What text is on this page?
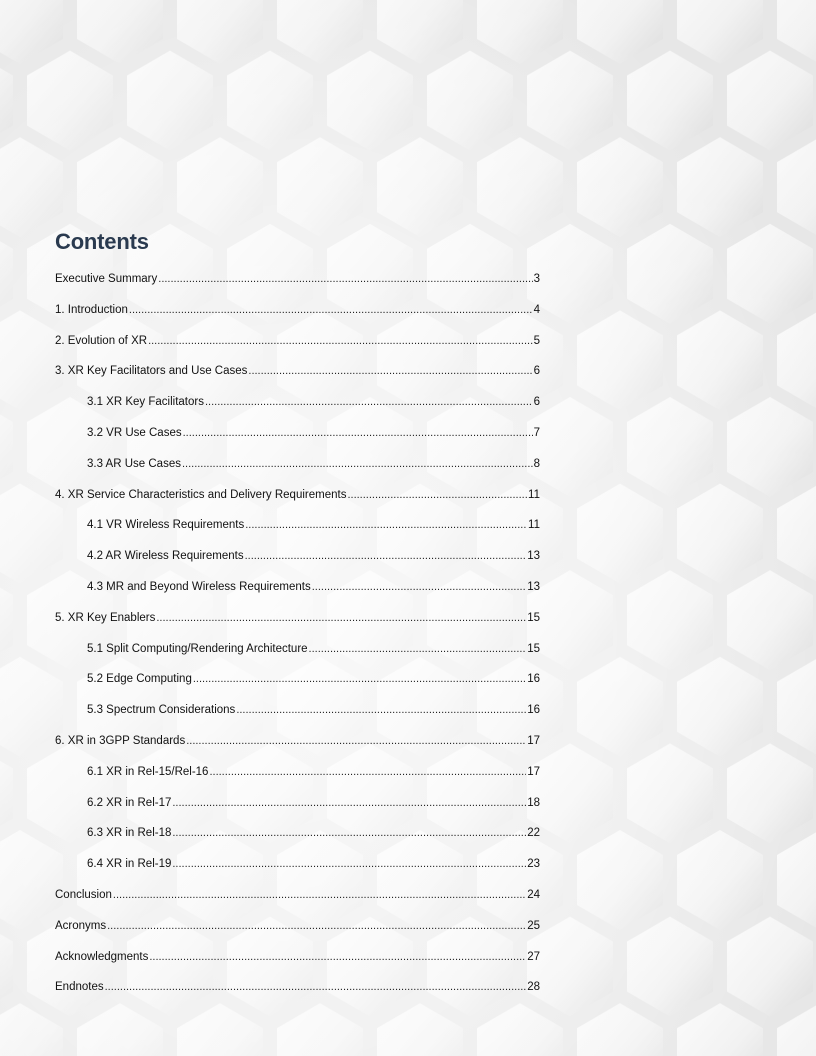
Contents
Executive Summary .....	3
1. Introduction .....	4
2. Evolution of XR .....	5
3. XR Key Facilitators and Use Cases .....	6
3.1 XR Key Facilitators .....	6
3.2 VR Use Cases .....	7
3.3 AR Use Cases .....	8
4. XR Service Characteristics and Delivery Requirements .....	11
4.1 VR Wireless Requirements .....	11
4.2 AR Wireless Requirements .....	13
4.3 MR and Beyond Wireless Requirements .....	13
5. XR Key Enablers .....	15
5.1 Split Computing/Rendering Architecture .....	15
5.2 Edge Computing .....	16
5.3 Spectrum Considerations .....	16
6. XR in 3GPP Standards .....	17
6.1 XR in Rel-15/Rel-16 .....	17
6.2 XR in Rel-17 .....	18
6.3 XR in Rel-18 .....	22
6.4 XR in Rel-19 .....	23
Conclusion .....	24
Acronyms .....	25
Acknowledgments .....	27
Endnotes .....	28
